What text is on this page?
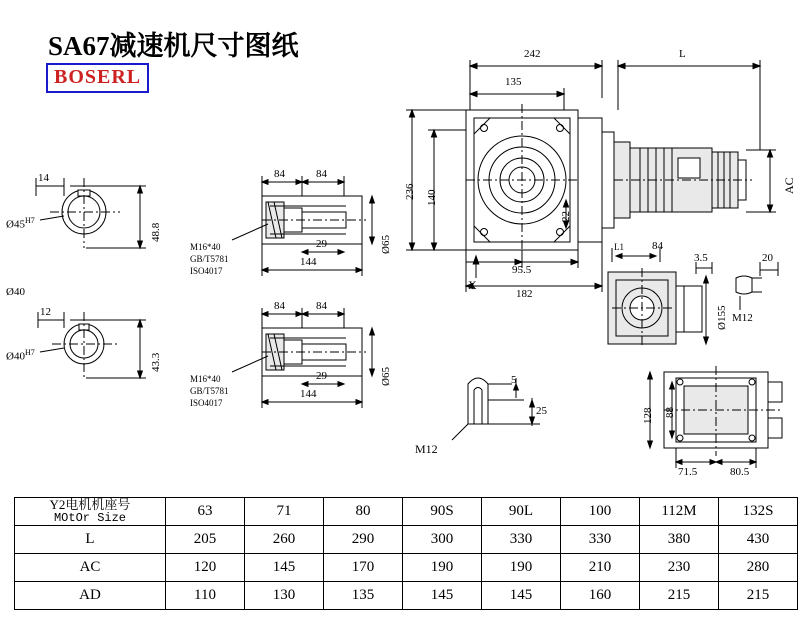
SA67减速机尺寸图纸
BOSERL
242	L
135
236 140
22
X
95.5
182
AC
L1	84
3.5	20
Ø155 M12
128 88
71.5	80.5
5
25
M12
14
$Ø45^{H7}$
48.8
Ø40
12
$Ø40^{H7}$
43.3
84	84
29
144
Ø65
M16*40
GB/T5781
ISO4017
84	84
29
144
Ø65
M16*40
GB/T5781
ISO4017
Y2电机机座号
MOtOr Size	63	71	80	90S	90L	100	112M	132S
L	205	260	290	300	330	330	380	430
AC	120	145	170	190	190	210	230	280
AD	110	130	135	145	145	160	215	215
